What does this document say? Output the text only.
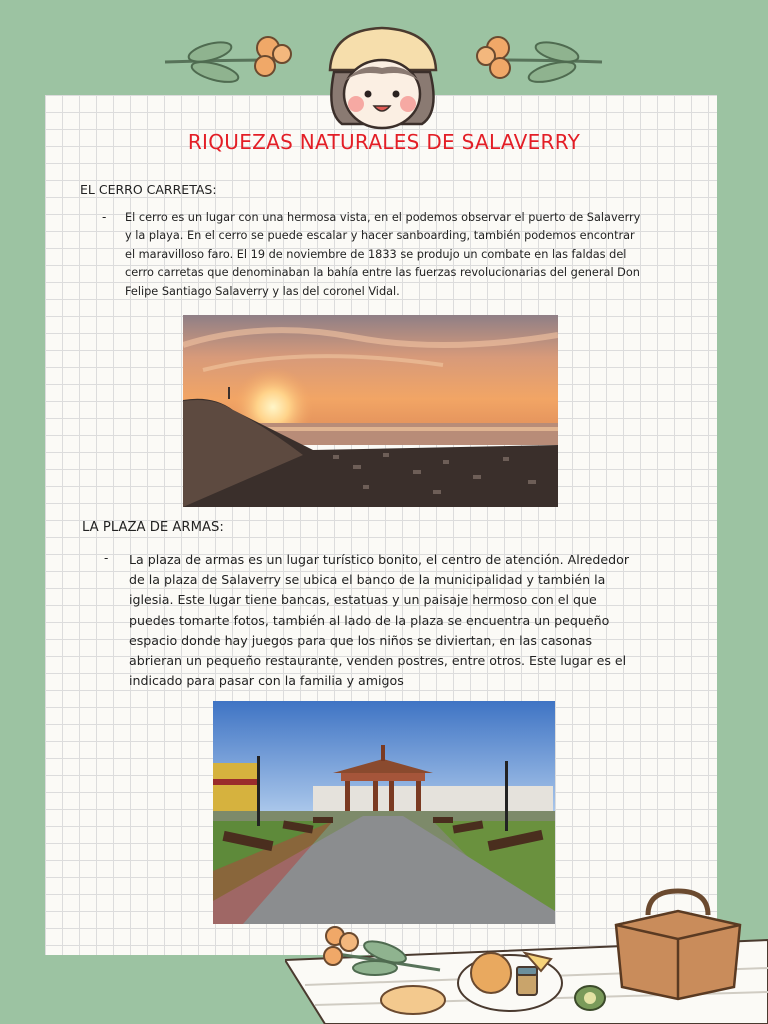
RIQUEZAS NATURALES DE SALAVERRY
EL CERRO CARRETAS:
- El cerro es un lugar con una hermosa vista, en el podemos observar el puerto de Salaverry y la playa. En el cerro se puede escalar y hacer sanboarding, también podemos encontrar el maravilloso faro. El 19 de noviembre de 1833 se produjo un combate en las faldas del cerro carretas que denominaban la bahía entre las fuerzas revolucionarias del general Don Felipe Santiago Salaverry y las del coronel Vidal.
LA PLAZA DE ARMAS:
- La plaza de armas es un lugar turístico bonito, el centro de atención. Alrededor de la plaza de Salaverry se ubica el banco de la municipalidad y también la iglesia. Este lugar tiene bancas, estatuas y un paisaje hermoso con el que puedes tomarte fotos, también al lado de la plaza se encuentra un pequeño espacio donde hay juegos para que los niños se diviertan, en las casonas abrieran un pequeño restaurante, venden postres, entre otros. Este lugar es el indicado para pasar con la familia y amigos
